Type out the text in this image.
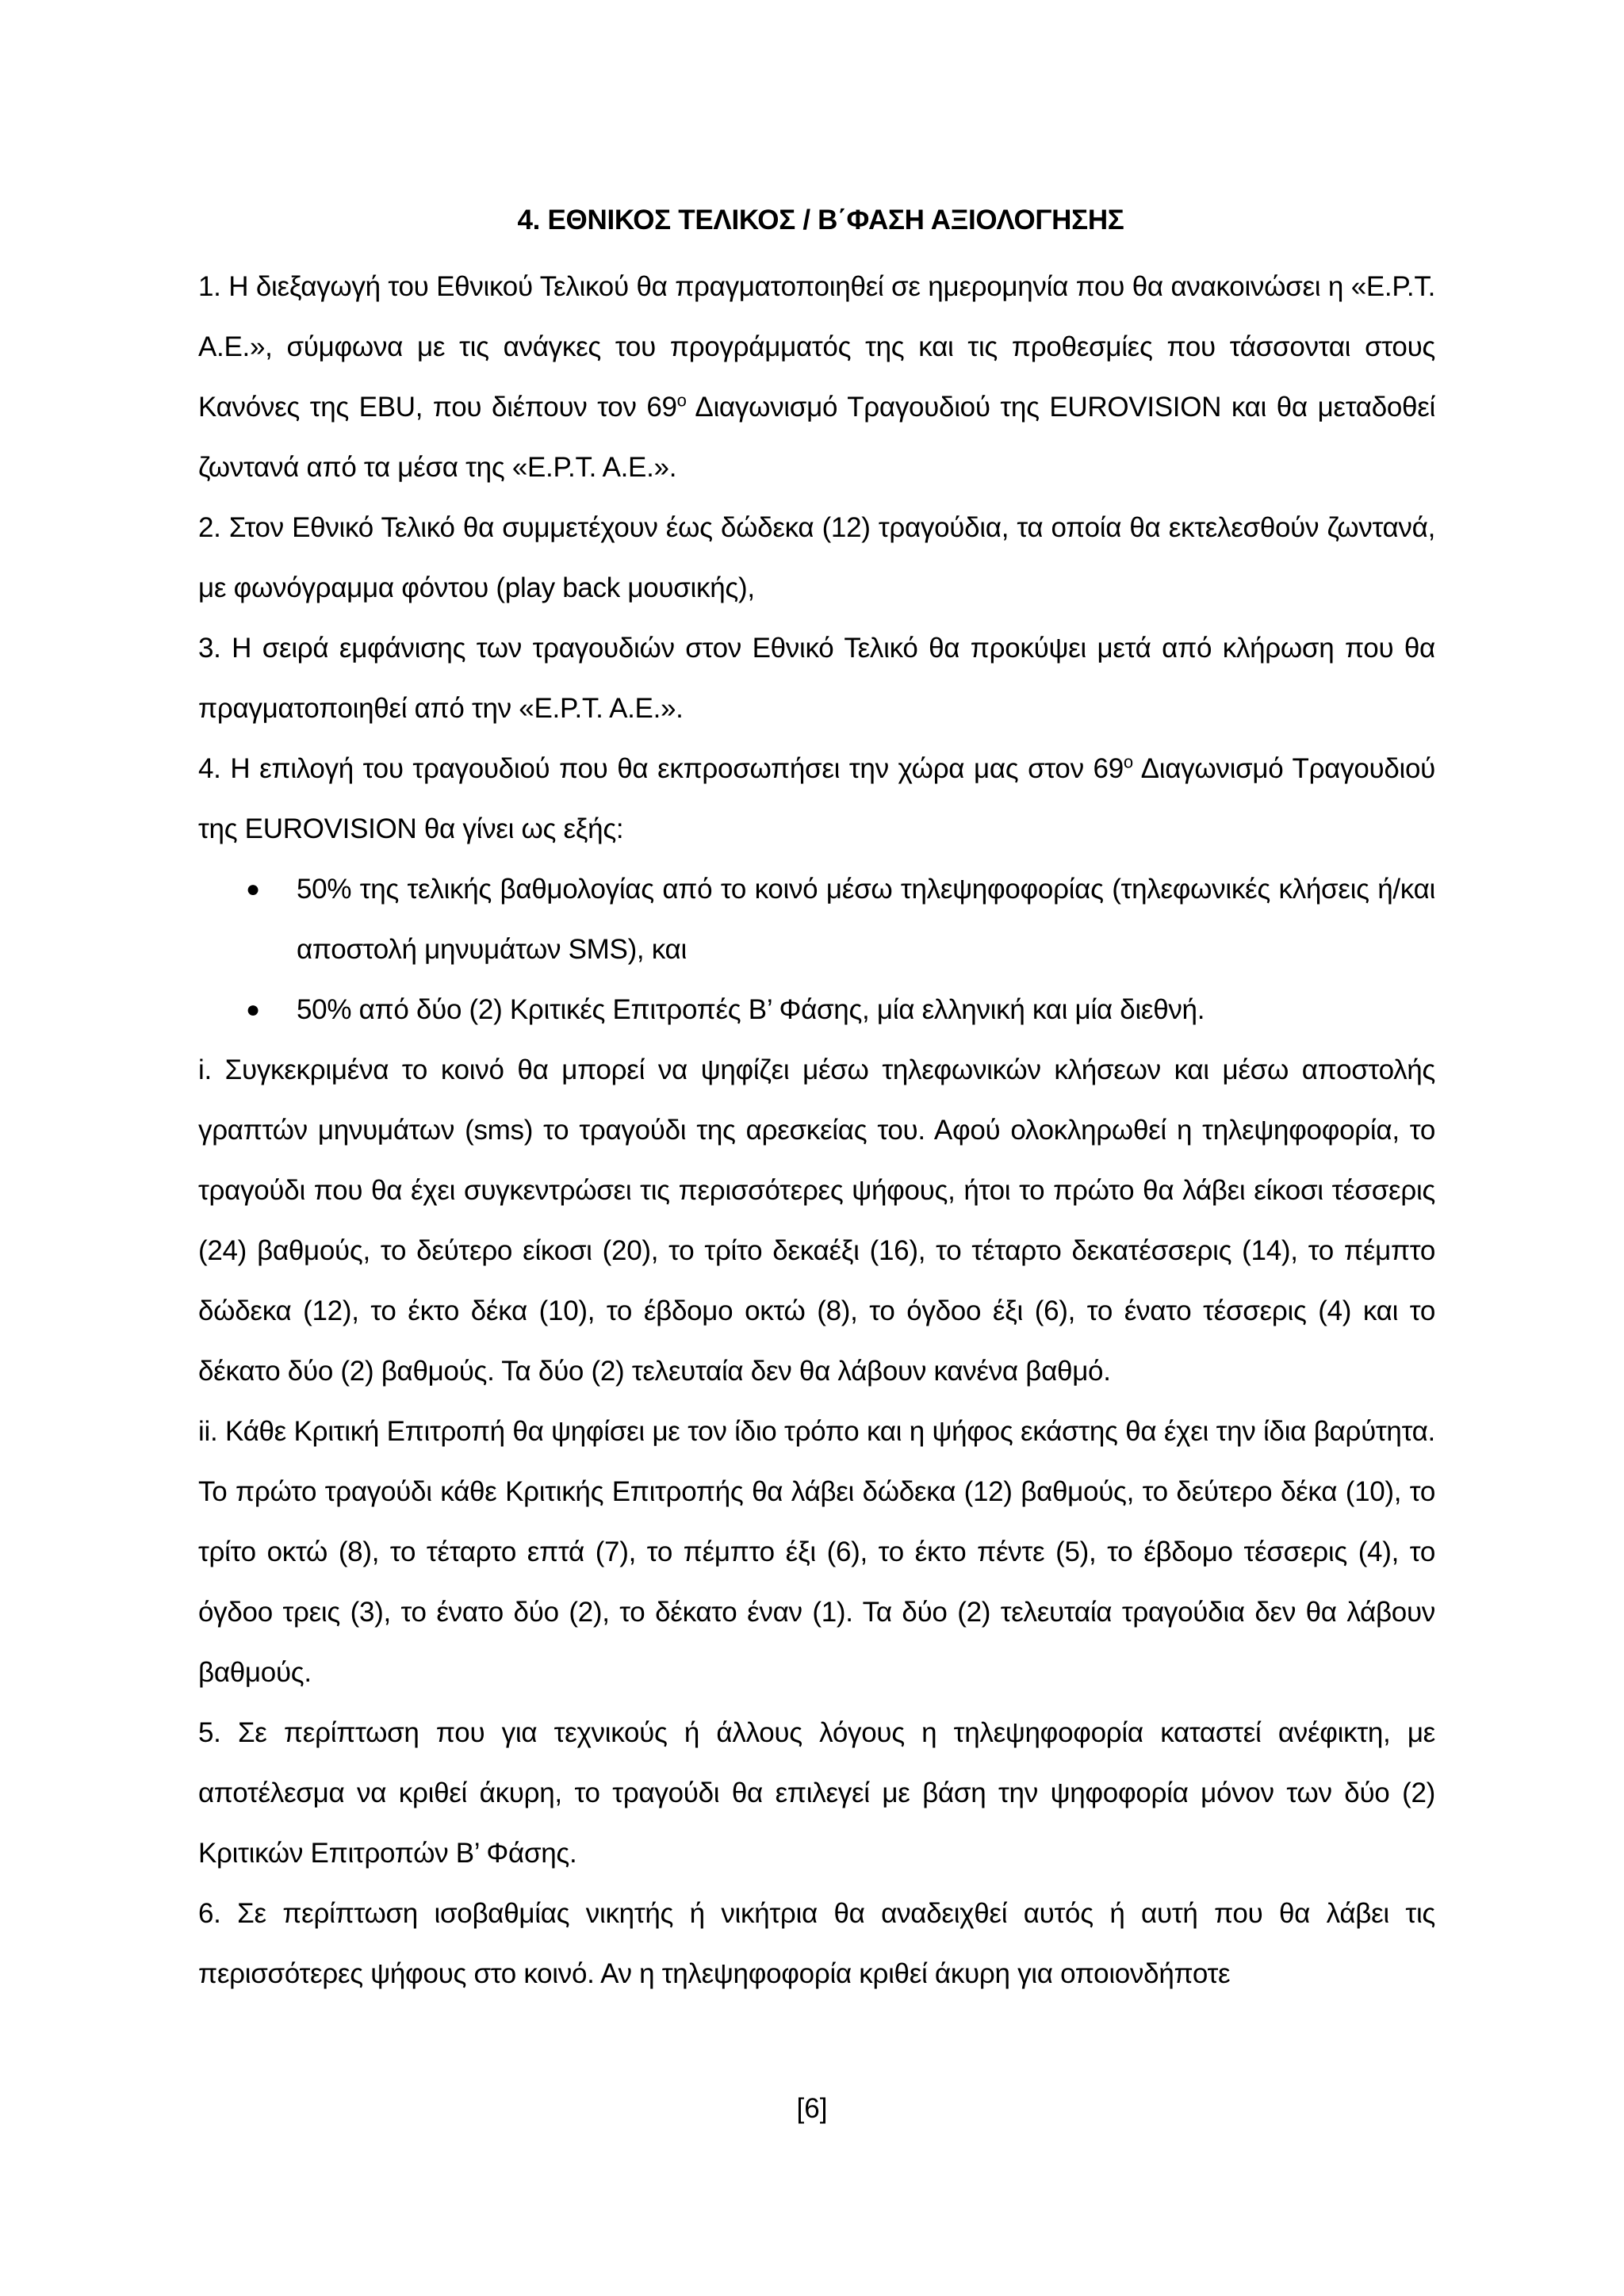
4. ΕΘΝΙΚΟΣ ΤΕΛΙΚΟΣ / Β΄ΦΑΣΗ ΑΞΙΟΛΟΓΗΣΗΣ

1. Η διεξαγωγή του Εθνικού Τελικού θα πραγματοποιηθεί σε ημερομηνία που θα ανακοινώσει η «Ε.Ρ.Τ. Α.Ε.», σύμφωνα με τις ανάγκες του προγράμματός της και τις προθεσμίες που τάσσονται στους Κανόνες της EBU, που διέπουν τον $69^o$ Διαγωνισμό Τραγουδιού της EUROVISION και θα μεταδοθεί ζωντανά από τα μέσα της «Ε.Ρ.Τ. Α.Ε.».

2. Στον Εθνικό Τελικό θα συμμετέχουν έως δώδεκα (12) τραγούδια, τα οποία θα εκτελεσθούν ζωντανά, με φωνόγραμμα φόντου (play back μουσικής),

3. Η σειρά εμφάνισης των τραγουδιών στον Εθνικό Τελικό θα προκύψει μετά από κλήρωση που θα πραγματοποιηθεί από την «Ε.Ρ.Τ. Α.Ε.».

4. Η επιλογή του τραγουδιού που θα εκπροσωπήσει την χώρα μας στον $69^o$ Διαγωνισμό Τραγουδιού της EUROVISION θα γίνει ως εξής:

● 50% της τελικής βαθμολογίας από το κοινό μέσω τηλεψηφοφορίας (τηλεφωνικές κλήσεις ή/και αποστολή μηνυμάτων SMS), και
● 50% από δύο (2) Κριτικές Επιτροπές Β’ Φάσης, μία ελληνική και μία διεθνή.

i. Συγκεκριμένα το κοινό θα μπορεί να ψηφίζει μέσω τηλεφωνικών κλήσεων και μέσω αποστολής γραπτών μηνυμάτων (sms) το τραγούδι της αρεσκείας του. Αφού ολοκληρωθεί η τηλεψηφοφορία, το τραγούδι που θα έχει συγκεντρώσει τις περισσότερες ψήφους, ήτοι το πρώτο θα λάβει είκοσι τέσσερις (24) βαθμούς, το δεύτερο είκοσι (20), το τρίτο δεκαέξι (16), το τέταρτο δεκατέσσερις (14), το πέμπτο δώδεκα (12), το έκτο δέκα (10), το έβδομο οκτώ (8), το όγδοο έξι (6), το ένατο τέσσερις (4) και το δέκατο δύο (2) βαθμούς. Τα δύο (2) τελευταία δεν θα λάβουν κανένα βαθμό.

ii. Κάθε Κριτική Επιτροπή θα ψηφίσει με τον ίδιο τρόπο και η ψήφος εκάστης θα έχει την ίδια βαρύτητα. Το πρώτο τραγούδι κάθε Κριτικής Επιτροπής θα λάβει δώδεκα (12) βαθμούς, το δεύτερο δέκα (10), το τρίτο οκτώ (8), το τέταρτο επτά (7), το πέμπτο έξι (6), το έκτο πέντε (5), το έβδομο τέσσερις (4), το όγδοο τρεις (3), το ένατο δύο (2), το δέκατο έναν (1). Τα δύο (2) τελευταία τραγούδια δεν θα λάβουν βαθμούς.

5. Σε περίπτωση που για τεχνικούς ή άλλους λόγους η τηλεψηφοφορία καταστεί ανέφικτη, με αποτέλεσμα να κριθεί άκυρη, το τραγούδι θα επιλεγεί με βάση την ψηφοφορία μόνον των δύο (2) Κριτικών Επιτροπών Β’ Φάσης.

6. Σε περίπτωση ισοβαθμίας νικητής ή νικήτρια θα αναδειχθεί αυτός ή αυτή που θα λάβει τις περισσότερες ψήφους στο κοινό. Αν η τηλεψηφοφορία κριθεί άκυρη για οποιονδήποτε

[6]
